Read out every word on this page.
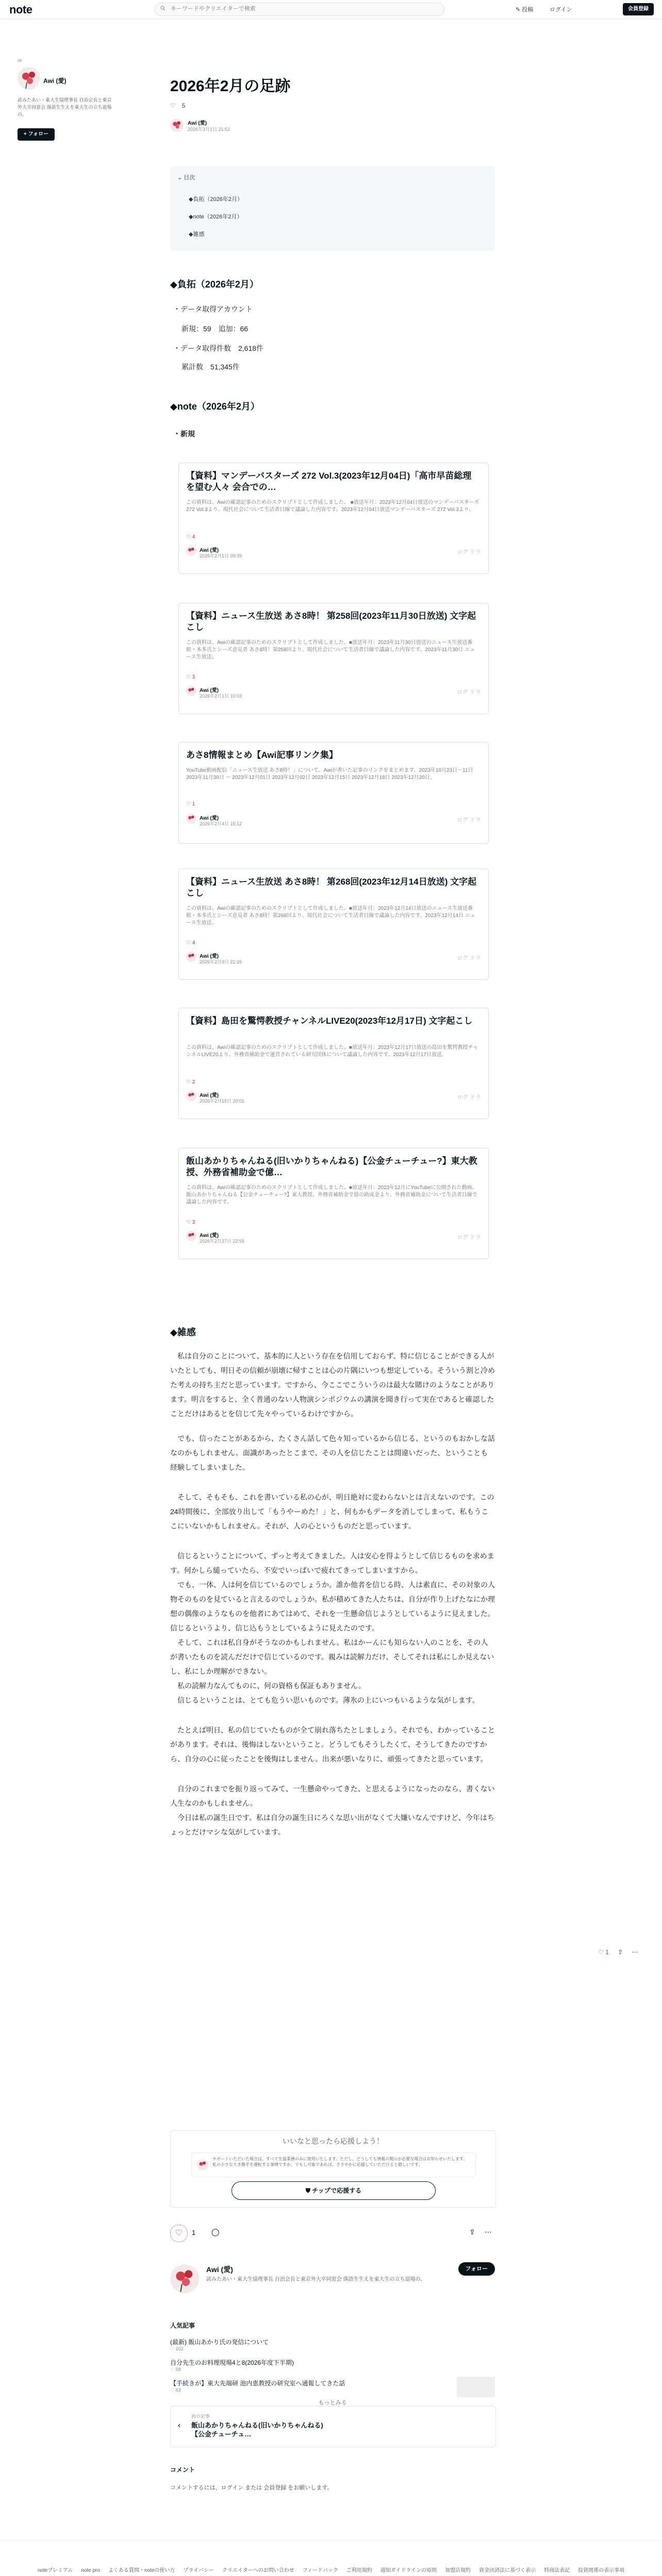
note
キーワードやクリエイターで検索	✎ 投稿	ログイン	会員登録
∞
Awi (愛)
読みたあい・東大生協理事長 自治会長と東京外大卒同窓会 落語生生えを東大生の立ち退場の。
+ フォロー
2026年2月の足跡
♡　 5
Awi (愛)
2026年3月1日 21:52
⌄ 目次
◆負拓（2026年2月）
◆note（2026年2月）
◆雑感
◆負拓（2026年2月）
・データ取得アカウント
新規：59　追加：66
・データ取得件数　2,618件
累計数　51,345件
◆note（2026年2月）
・新規
【資料】マンデーバスターズ 272 Vol.3(2023年12月04日)「高市早苗総理を望む人々 会合での…
この資料は、Awiの確認記事のためのスクリプトとして作成しました。 ■放送年月：2023年12月04日放送のマンデーバスターズ 272 Vol.3より、現代社会について生活者目線で議論した内容です。2023年12月04日放送マンデーバスターズ 272 Vol.3より。
♡ 4
Awi (愛)
2026年2月1日 09:39
ログ ドラ
【資料】ニュース生放送 あさ8時！ 第258回(2023年11月30日放送) 文字起こし
この資料は、Awiの確認記事のためのスクリプトとして作成しました。■放送年月：2023年11月30日放送のニュース生放送番組・本多氏とシーズ意見者 あさ8時！第258回より、現代社会について生活者目線で議論した内容です。2023年11月30日 ニュース生放送。
♡ 3
Awi (愛)
2026年2月1日 10:03
ログ ドラ
あさ8情報まとめ【Awi記事リンク集】
YouTube動画配信「ニュース生放送 あさ8時！」について、Awiが書いた記事のリンクをまとめます。2023年10月23日～11日 2023年11月30日 ～ 2023年12月01日 2023年12月02日 2023年12月15日 2023年12月18日 2023年12月20日。
♡ 1
Awi (愛)
2026年2月4日 15:12
ログ ドラ
【資料】ニュース生放送 あさ8時！ 第268回(2023年12月14日放送) 文字起こし
この資料は、Awiの確認記事のためのスクリプトとして作成しました。■放送年月：2023年12月14日放送のニュース生放送番組・本多氏とシーズ意見者 あさ8時！第268回より、現代社会について生活者目線で議論した内容です。2023年12月14日 ニュース生放送。
♡ 4
Awi (愛)
2026年2月9日 21:26
ログ ドラ
【資料】島田を驚愕教授チャンネルLIVE20(2023年12月17日) 文字起こし
この資料は、Awiの確認記事のためのスクリプトとして作成しました。■放送年月：2023年12月17日放送の島田を驚愕教授チャンネルLIVE20より、外務省補助金で運営されている研究団体について議論した内容です。2023年12月17日放送。
♡ 2
Awi (愛)
2026年2月15日 20:01
ログ ドラ
飯山あかりちゃんねる(旧いかりちゃんねる)【公金チューチュー?】東大教授、外務省補助金で億…
この資料は、Awiの確認記事のためのスクリプトとして作成しました。■放送年月：2023年12月にYouTubeに公開された動画、飯山あかりちゃんねる【公金チューチュー?】東大教授、外務省補助金で億の助成金より、外務省補助金について生活者目線で議論した内容です。
♡ 3
Awi (愛)
2026年2月27日 22:55
ログ ドラ
◆雑感

　私は自分のことについて、基本的に人という存在を信用しておらず、特に信じることができる人がいたとしても、明日その信頼が崩壊に帰すことは心の片隅にいつも想定している。そういう割と冷めた考えの持ち主だと思っています。ですから、今ここでこういうのは最大な賭けのようなことがあります。明言をすると、全く普通のない人物演シンポジウムの講演を聞き行って実在であると確認したことだけはあるとを信じて先々やっているわけですから。

　でも、信ったことがあるから、たくさん話して色々知っているから信じる、というのもおかしな話なのかもしれません。面識があったとこまで、その人を信じたことは間違いだった、ということも経験してしまいました。

　そして、そもそも、これを書いている私の心が、明日絶対に変わらないとは言えないのです。この24時間後に、全部放り出して「もうやーめた！」と、何もかもデータを消してしまって、私もうここにいないかもしれません。それが、人の心というものだと思っています。

　信じるということについて、ずっと考えてきました。人は安心を得ようとして信じるものを求めます。何かしら縋っていたら、不安でいっぱいで疲れてきってしまいますから。
　でも、一体、人は何を信じているのでしょうか。誰か他者を信じる時、人は素直に、その対象の人物そのものを見ていると言えるのでしょうか。私が積めてきた人たちは、自分が作り上げたなにか理想の偶像のようなものを他者にあてはめて、それを一生懸命信じようとしているように見えました。信じるというより、信じ込もうとしているように見えたのです。
　そして、これは私自身がそうなのかもしれません。私はかーんにも知らない人のことを、その人が書いたものを読んだだけで信じているのです。親みは読解力だけ、そしてそれは私にしか見えないし、私にしか理解ができない。
　私の読解力なんてものに、何の資格も保証もありません。
　信じるということは、とても危うい思いものです。薄氷の上にいつもいるような気がします。

　たとえば明日、私の信じていたものが全て崩れ落ちたとしましょう。それでも、わかっていることがあります。それは、後悔はしないということ。どうしてもそうしたくて、そうしてきたのですから、自分の心に従ったことを後悔はしません。出来が悪いなりに、頑張ってきたと思っています。

　自分のこれまでを振り返ってみて、一生懸命やってきた、と思えるようになったのなら、書くない人生なのかもしれません。
　今日は私の誕生日です。私は自分の誕生日にろくな思い出がなくて大嫌いなんですけど、今年はちょっとだけマシな気がしています。

♡ 1 ⇪ ⋯
いいなと思ったら応援しよう！
サポートいただいた場合は、すべて生協業務のみに使用いたします。ただし、どうしても情報の開示が必要な場合はお知らせいたします。私の小さな大き勝手を運転する事情ですか。でもし可能であれば、ささやかに応援していただけると嬉しいです。
⛊ チップで応援する
♡	1 ◯	⇪ ⋯
Awi (愛)
読みたあい・東大生協理事長 自治会長と東京外大卒同窓会 落語生生えを東大生の立ち退場の。
フォロー
人気記事
(最新) 飯山あかり氏の発信について
♡ 102
自分先生のお料理現場4と8(2026年度下半期)
♡ 58
【手続きが】東大先端研 池内恵教授の研究室へ通報してきた話
♡ 63
もっとみる
‹
前の記事
飯山あかりちゃんねる(旧いかりちゃんねる)【公金チューチュ…
コメント
コメントするには、ログイン または 会員登録 をお願いします。
noteプレミアム note pro よくある質問・noteの使い方 プライバシー クリエイターへのお問い合わせ フィードバック ご利用規約 通知ガイドラインの原則 加盟店規約 資金決済法に基づく表示 特商法表記 投資関係の表示事項
